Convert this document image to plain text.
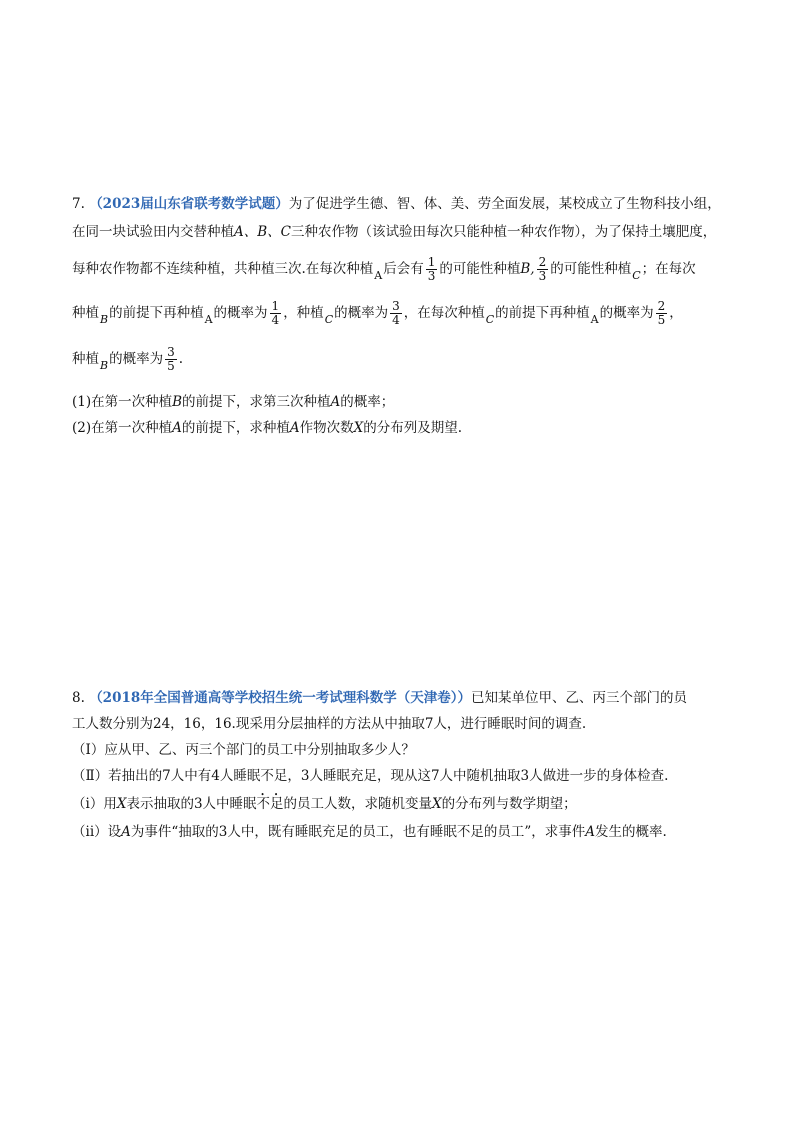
7. （2023届山东省联考数学试题）为了促进学生德、智、体、美、劳全面发展，某校成立了生物科技小组，
在同一块试验田内交替种植A、B、C三种农作物（该试验田每次只能种植一种农作物），为了保持土壤肥度，
每种农作物都不连续种植，共种植三次.在每次种植A后会有 $\frac{1}{3}$ 的可能性种植B, $\frac{2}{3}$ 的可能性种植C；在每次
种植B的前提下再种植A的概率为 $\frac{1}{4}$ ，种植C的概率为 $\frac{3}{4}$ ，在每次种植C的前提下再种植A的概率为 $\frac{2}{5}$ ，
种植B的概率为 $\frac{3}{5}$ .
(1)在第一次种植B的前提下，求第三次种植A的概率；
(2)在第一次种植A的前提下，求种植A作物次数X的分布列及期望.
8. （2018年全国普通高等学校招生统一考试理科数学（天津卷））已知某单位甲、乙、丙三个部门的员
工人数分别为24，16，16.现采用分层抽样的方法从中抽取7人，进行睡眠时间的调查.
（Ⅰ）应从甲、乙、丙三个部门的员工中分别抽取多少人？
（Ⅱ）若抽出的7人中有4人睡眠不足，3人睡眠充足，现从这7人中随机抽取3人做进一步的身体检查.
（i）用X表示抽取的3人中睡眠不足的员工人数，求随机变量X的分布列与数学期望；
（ii）设A为事件“抽取的3人中，既有睡眠充足的员工，也有睡眠不足的员工”，求事件A发生的概率.
